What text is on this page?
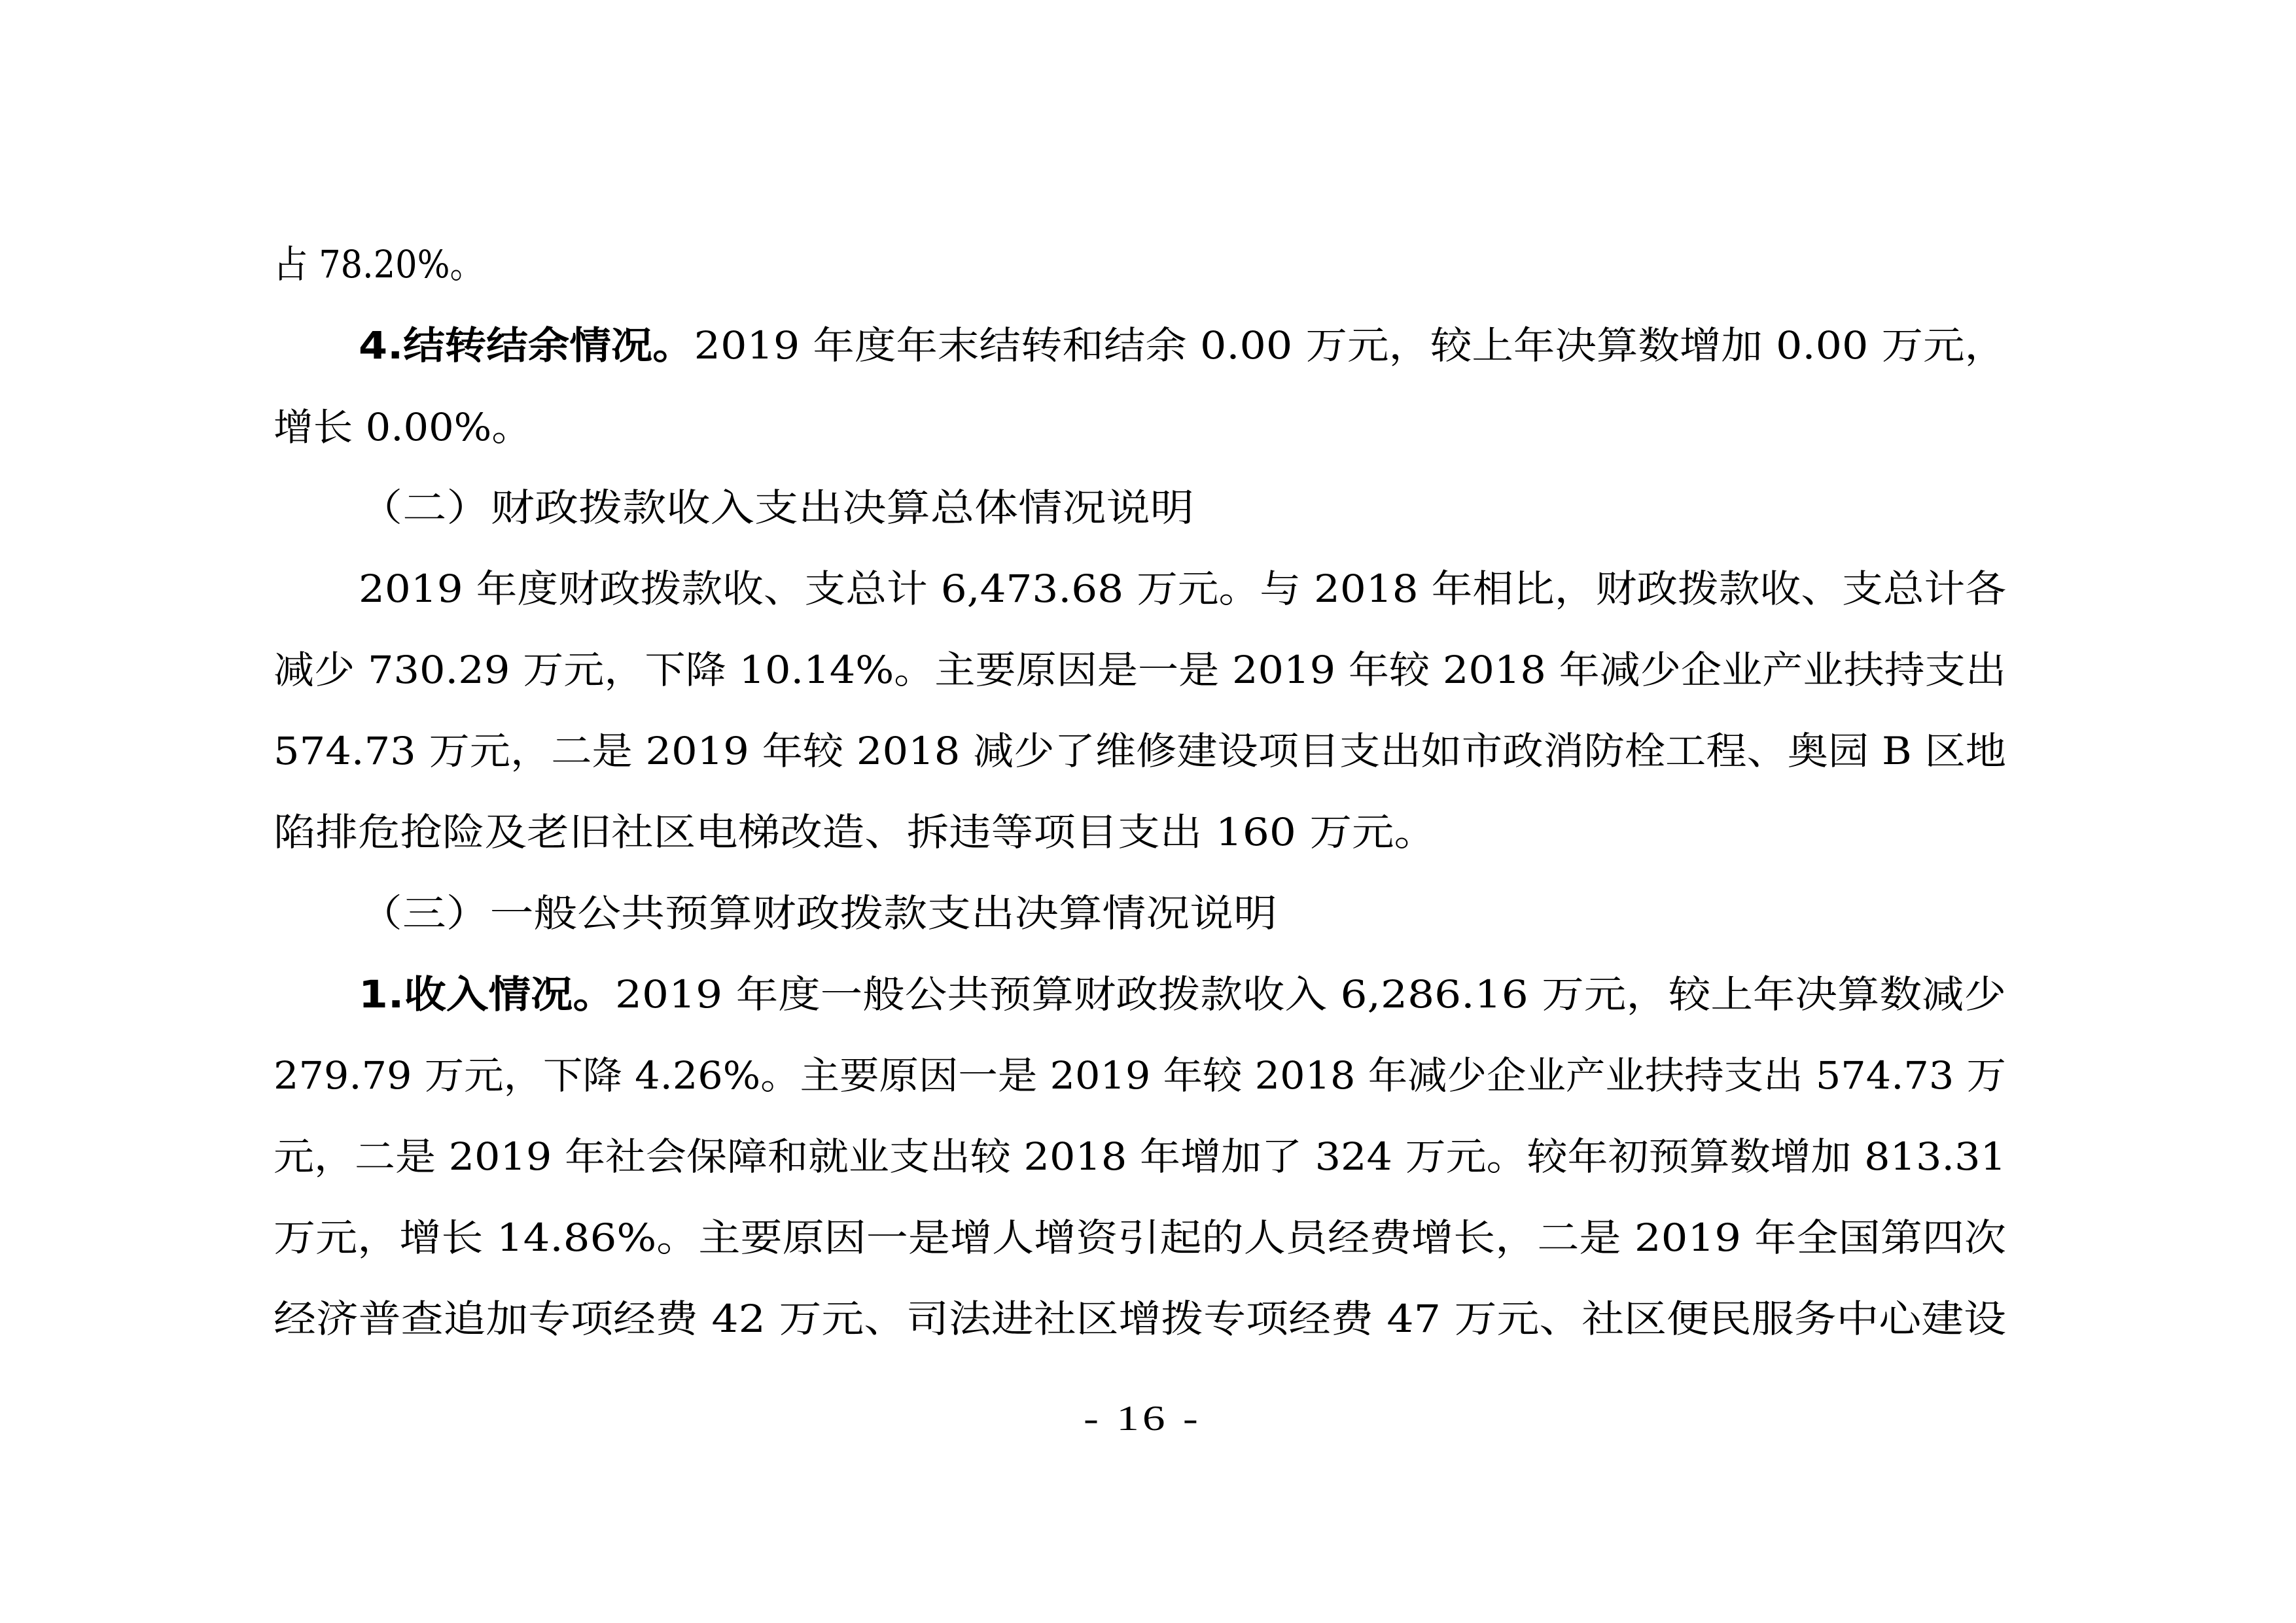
占 78.20%。
4.结转结余情况。2019 年度年末结转和结余 0.00 万元，较上年决算数增加 0.00 万元，
增长 0.00%。
（二）财政拨款收入支出决算总体情况说明
2019 年度财政拨款收、支总计 6,473.68 万元。与 2018 年相比，财政拨款收、支总计各
减少 730.29 万元，下降 10.14%。主要原因是一是 2019 年较 2018 年减少企业产业扶持支出
574.73 万元，二是 2019 年较 2018 减少了维修建设项目支出如市政消防栓工程、奥园 B 区地
陷排危抢险及老旧社区电梯改造、拆违等项目支出 160 万元。
（三）一般公共预算财政拨款支出决算情况说明
1.收入情况。2019 年度一般公共预算财政拨款收入 6,286.16 万元，较上年决算数减少
279.79 万元，下降 4.26%。主要原因一是 2019 年较 2018 年减少企业产业扶持支出 574.73 万
元，二是 2019 年社会保障和就业支出较 2018 年增加了 324 万元。较年初预算数增加 813.31
万元，增长 14.86%。主要原因一是增人增资引起的人员经费增长，二是 2019 年全国第四次
经济普查追加专项经费 42 万元、司法进社区增拨专项经费 47 万元、社区便民服务中心建设
- 16 -
